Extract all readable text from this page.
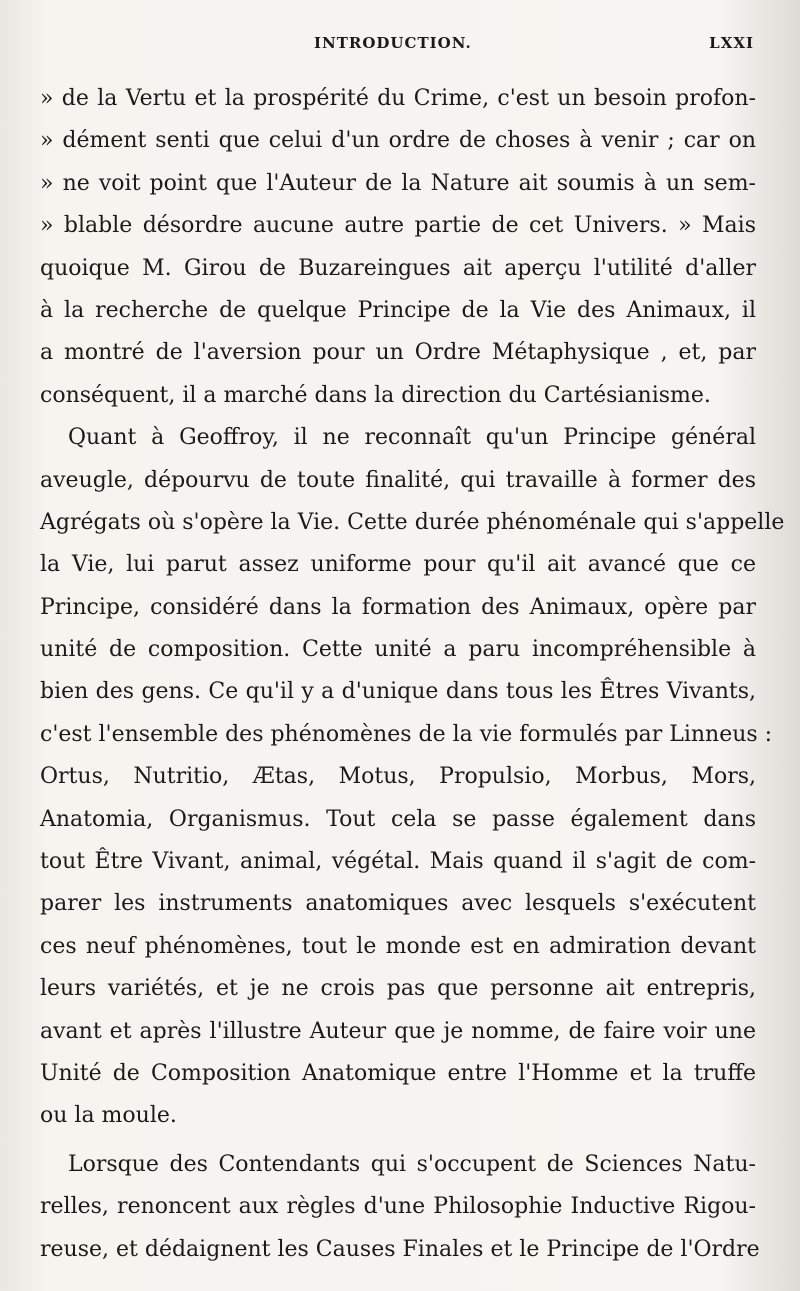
INTRODUCTION.	LXXI
» de la Vertu et la prospérité du Crime, c'est un besoin profon-
» dément senti que celui d'un ordre de choses à venir ; car on
» ne voit point que l'Auteur de la Nature ait soumis à un sem-
» blable désordre aucune autre partie de cet Univers. » Mais
quoique M. Girou de Buzareingues ait aperçu l'utilité d'aller
à la recherche de quelque Principe de la Vie des Animaux, il
a montré de l'aversion pour un Ordre Métaphysique , et, par
conséquent, il a marché dans la direction du Cartésianisme.
Quant à Geoffroy, il ne reconnaît qu'un Principe général
aveugle, dépourvu de toute finalité, qui travaille à former des
Agrégats où s'opère la Vie. Cette durée phénoménale qui s'appelle
la Vie, lui parut assez uniforme pour qu'il ait avancé que ce
Principe, considéré dans la formation des Animaux, opère par
unité de composition. Cette unité a paru incompréhensible à
bien des gens. Ce qu'il y a d'unique dans tous les Êtres Vivants,
c'est l'ensemble des phénomènes de la vie formulés par Linneus :
Ortus, Nutritio, Ætas, Motus, Propulsio, Morbus, Mors,
Anatomia, Organismus. Tout cela se passe également dans
tout Être Vivant, animal, végétal. Mais quand il s'agit de com-
parer les instruments anatomiques avec lesquels s'exécutent
ces neuf phénomènes, tout le monde est en admiration devant
leurs variétés, et je ne crois pas que personne ait entrepris,
avant et après l'illustre Auteur que je nomme, de faire voir une
Unité de Composition Anatomique entre l'Homme et la truffe
ou la moule.
Lorsque des Contendants qui s'occupent de Sciences Natu-
relles, renoncent aux règles d'une Philosophie Inductive Rigou-
reuse, et dédaignent les Causes Finales et le Principe de l'Ordre
